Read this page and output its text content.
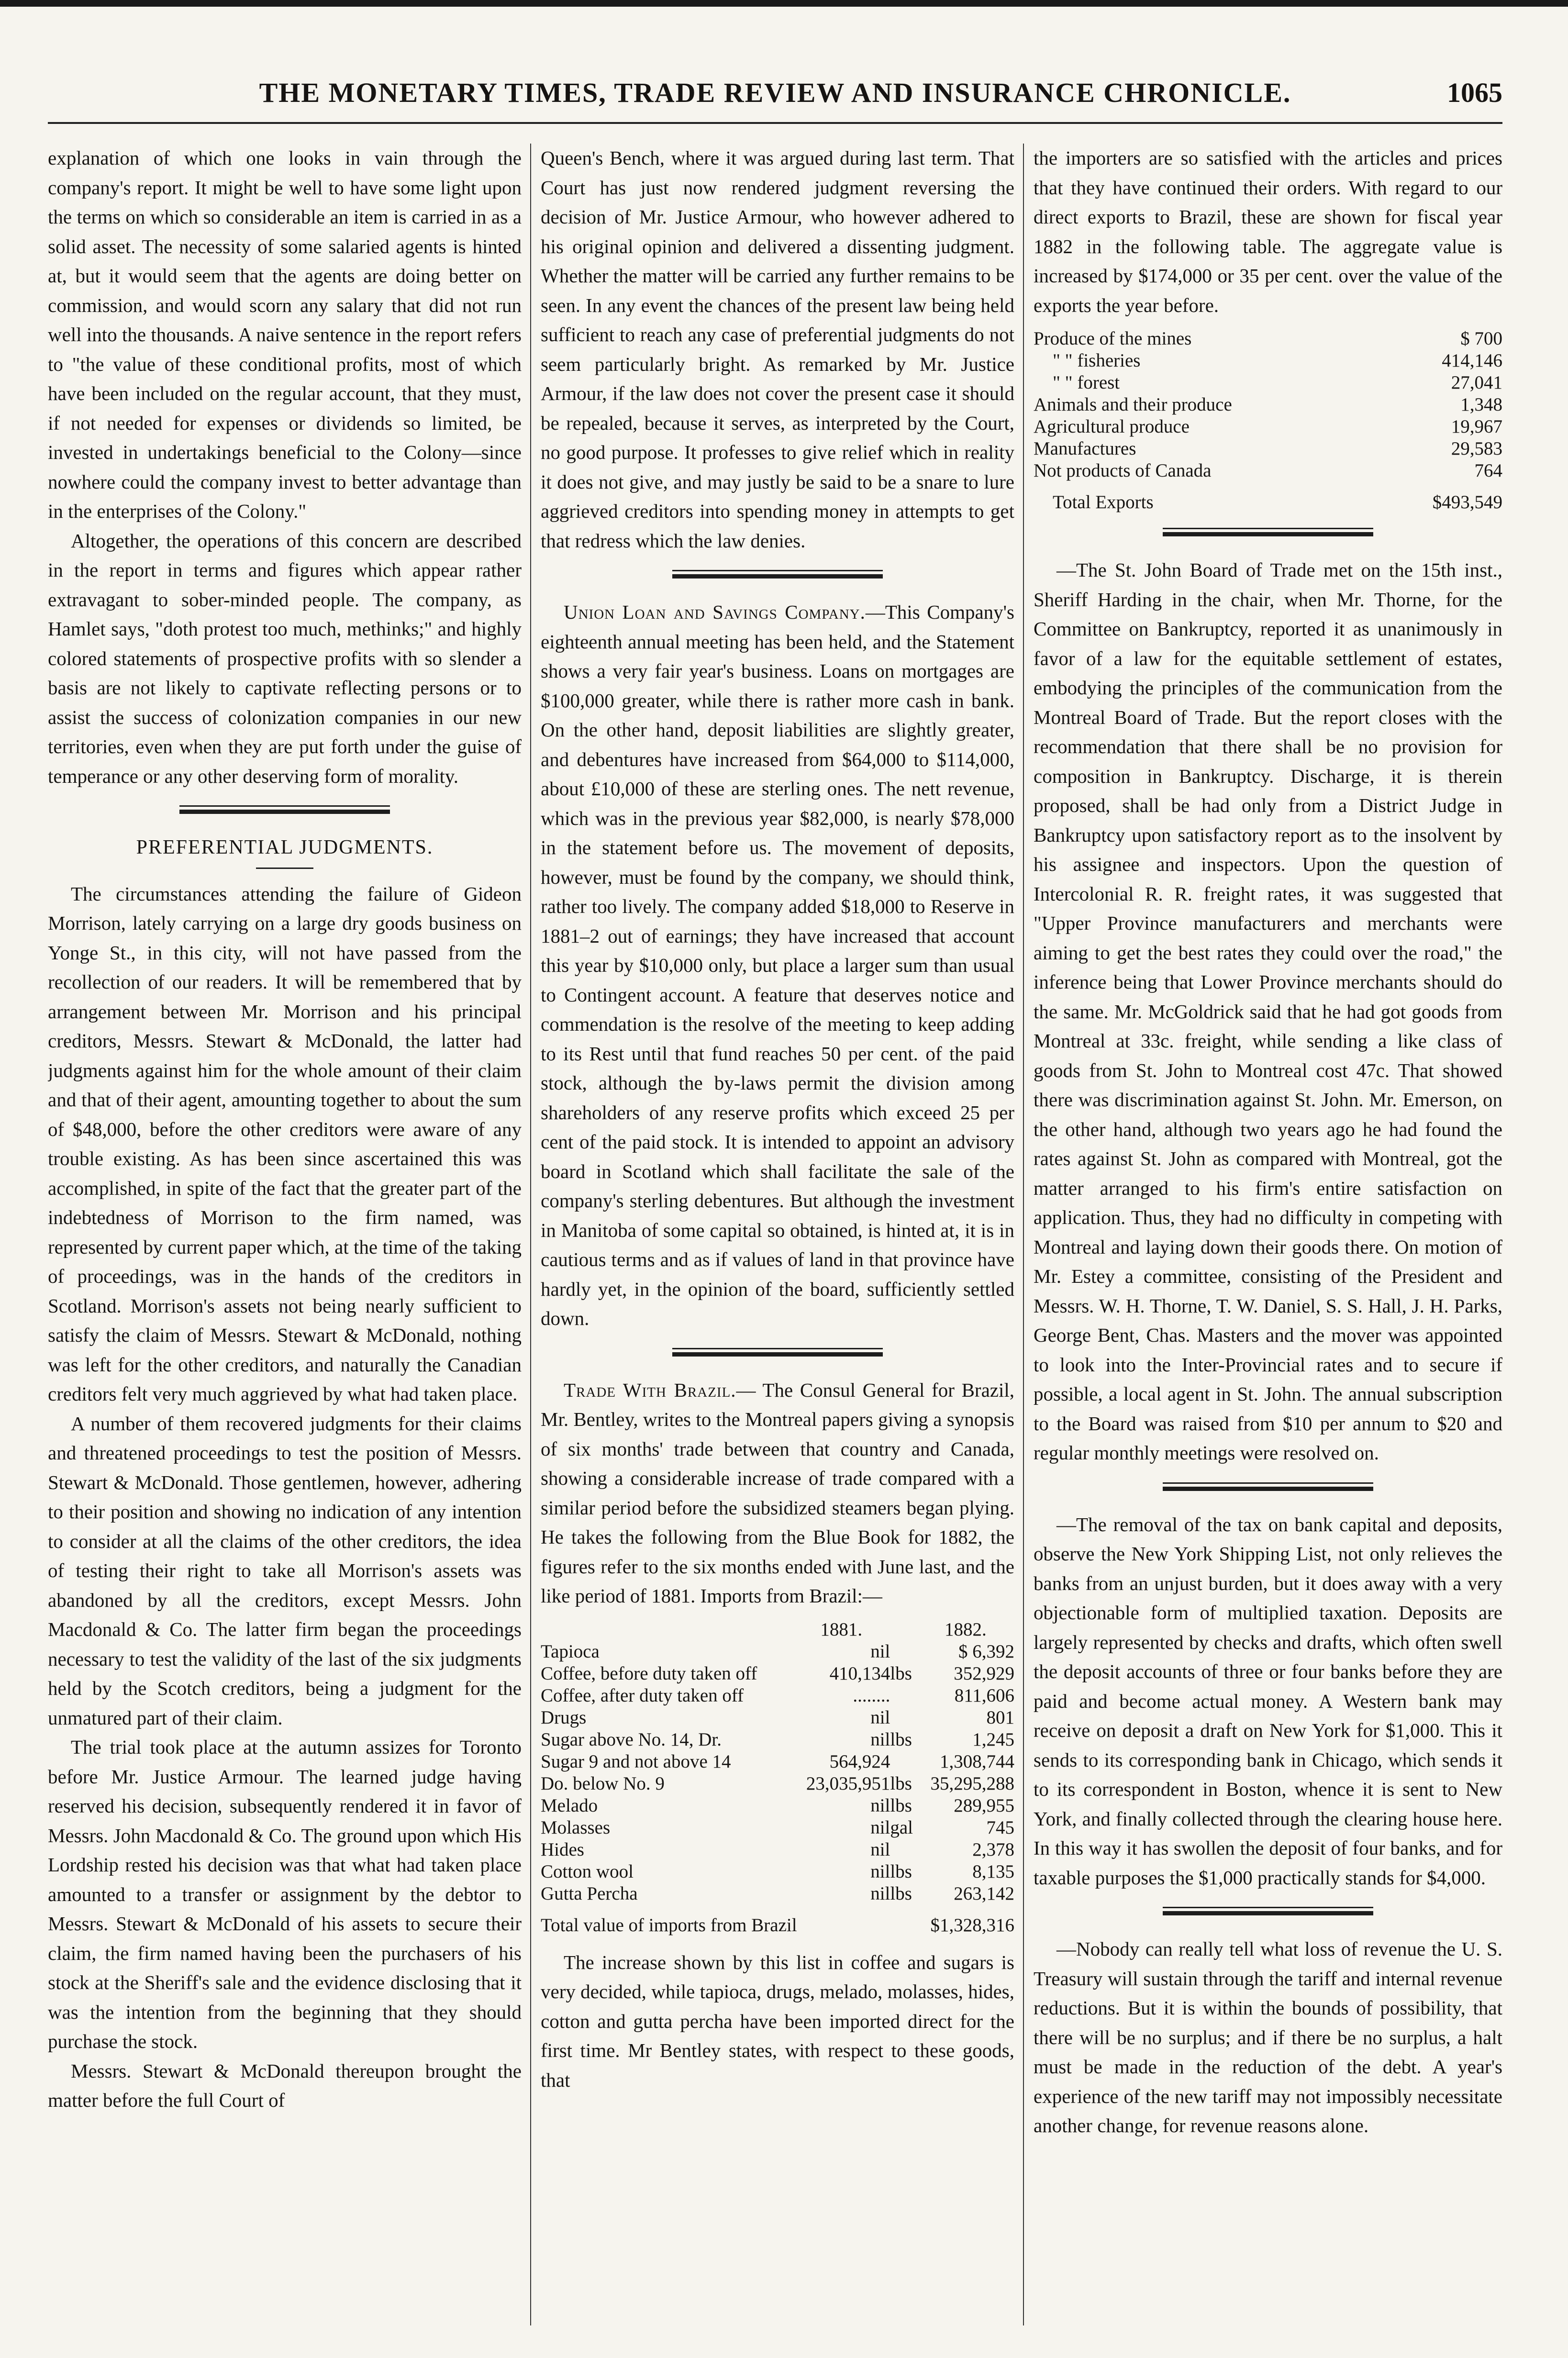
THE MONETARY TIMES, TRADE REVIEW AND INSURANCE CHRONICLE.	1065

explanation of which one looks in vain through the company's report. It might be well to have some light upon the terms on which so considerable an item is carried in as a solid asset. The necessity of some salaried agents is hinted at, but it would seem that the agents are doing better on commission, and would scorn any salary that did not run well into the thousands. A naive sentence in the report refers to "the value of these conditional profits, most of which have been included on the regular account, that they must, if not needed for expenses or dividends so limited, be invested in undertakings beneficial to the Colony—since nowhere could the company invest to better advantage than in the enterprises of the Colony."

Altogether, the operations of this concern are described in the report in terms and figures which appear rather extravagant to sober-minded people. The company, as Hamlet says, "doth protest too much, methinks;" and highly colored statements of prospective profits with so slender a basis are not likely to captivate reflecting persons or to assist the success of colonization companies in our new territories, even when they are put forth under the guise of temperance or any other deserving form of morality.

PREFERENTIAL JUDGMENTS.

The circumstances attending the failure of Gideon Morrison, lately carrying on a large dry goods business on Yonge St., in this city, will not have passed from the recollection of our readers. It will be remembered that by arrangement between Mr. Morrison and his principal creditors, Messrs. Stewart & McDonald, the latter had judgments against him for the whole amount of their claim and that of their agent, amounting together to about the sum of $48,000, before the other creditors were aware of any trouble existing. As has been since ascertained this was accomplished, in spite of the fact that the greater part of the indebtedness of Morrison to the firm named, was represented by current paper which, at the time of the taking of proceedings, was in the hands of the creditors in Scotland. Morrison's assets not being nearly sufficient to satisfy the claim of Messrs. Stewart & McDonald, nothing was left for the other creditors, and naturally the Canadian creditors felt very much aggrieved by what had taken place.

A number of them recovered judgments for their claims and threatened proceedings to test the position of Messrs. Stewart & McDonald. Those gentlemen, however, adhering to their position and showing no indication of any intention to consider at all the claims of the other creditors, the idea of testing their right to take all Morrison's assets was abandoned by all the creditors, except Messrs. John Macdonald & Co. The latter firm began the proceedings necessary to test the validity of the last of the six judgments held by the Scotch creditors, being a judgment for the unmatured part of their claim.

The trial took place at the autumn assizes for Toronto before Mr. Justice Armour. The learned judge having reserved his decision, subsequently rendered it in favor of Messrs. John Macdonald & Co. The ground upon which His Lordship rested his decision was that what had taken place amounted to a transfer or assignment by the debtor to Messrs. Stewart & McDonald of his assets to secure their claim, the firm named having been the purchasers of his stock at the Sheriff's sale and the evidence disclosing that it was the intention from the beginning that they should purchase the stock.

Messrs. Stewart & McDonald thereupon brought the matter before the full Court of

Queen's Bench, where it was argued during last term. That Court has just now rendered judgment reversing the decision of Mr. Justice Armour, who however adhered to his original opinion and delivered a dissenting judgment. Whether the matter will be carried any further remains to be seen. In any event the chances of the present law being held sufficient to reach any case of preferential judgments do not seem particularly bright. As remarked by Mr. Justice Armour, if the law does not cover the present case it should be repealed, because it serves, as interpreted by the Court, no good purpose. It professes to give relief which in reality it does not give, and may justly be said to be a snare to lure aggrieved creditors into spending money in attempts to get that redress which the law denies.

Union Loan and Savings Company.—This Company's eighteenth annual meeting has been held, and the Statement shows a very fair year's business. Loans on mortgages are $100,000 greater, while there is rather more cash in bank. On the other hand, deposit liabilities are slightly greater, and debentures have increased from $64,000 to $114,000, about £10,000 of these are sterling ones. The nett revenue, which was in the previous year $82,000, is nearly $78,000 in the statement before us. The movement of deposits, however, must be found by the company, we should think, rather too lively. The company added $18,000 to Reserve in 1881–2 out of earnings; they have increased that account this year by $10,000 only, but place a larger sum than usual to Contingent account. A feature that deserves notice and commendation is the resolve of the meeting to keep adding to its Rest until that fund reaches 50 per cent. of the paid stock, although the by-laws permit the division among shareholders of any reserve profits which exceed 25 per cent of the paid stock. It is intended to appoint an advisory board in Scotland which shall facilitate the sale of the company's sterling debentures. But although the investment in Manitoba of some capital so obtained, is hinted at, it is in cautious terms and as if values of land in that province have hardly yet, in the opinion of the board, sufficiently settled down.

Trade With Brazil.— The Consul General for Brazil, Mr. Bentley, writes to the Montreal papers giving a synopsis of six months' trade between that country and Canada, showing a considerable increase of trade compared with a similar period before the subsidized steamers began plying. He takes the following from the Blue Book for 1882, the figures refer to the six months ended with June last, and the like period of 1881. Imports from Brazil:—

	1881.		1882.
Tapioca	nil		$ 6,392
Coffee, before duty taken off	410,134	lbs	352,929
Coffee, after duty taken off	........		811,606
Drugs	nil		801
Sugar above No. 14, Dr.	nil	lbs	1,245
Sugar 9 and not above 14	564,924		1,308,744
Do. below No. 9	23,035,951	lbs	35,295,288
Melado	nil	lbs	289,955
Molasses	nil	gal	745
Hides	nil		2,378
Cotton wool	nil	lbs	8,135
Gutta Percha	nil	lbs	263,142
Total value of imports from Brazil			$1,328,316

The increase shown by this list in coffee and sugars is very decided, while tapioca, drugs, melado, molasses, hides, cotton and gutta percha have been imported direct for the first time. Mr Bentley states, with respect to these goods, that

the importers are so satisfied with the articles and prices that they have continued their orders. With regard to our direct exports to Brazil, these are shown for fiscal year 1882 in the following table. The aggregate value is increased by $174,000 or 35 per cent. over the value of the exports the year before.

Produce of the mines	$ 700
" " fisheries	414,146
" " forest	27,041
Animals and their produce	1,348
Agricultural produce	19,967
Manufactures	29,583
Not products of Canada	764
Total Exports	$493,549

—The St. John Board of Trade met on the 15th inst., Sheriff Harding in the chair, when Mr. Thorne, for the Committee on Bankruptcy, reported it as unanimously in favor of a law for the equitable settlement of estates, embodying the principles of the communication from the Montreal Board of Trade. But the report closes with the recommendation that there shall be no provision for composition in Bankruptcy. Discharge, it is therein proposed, shall be had only from a District Judge in Bankruptcy upon satisfactory report as to the insolvent by his assignee and inspectors. Upon the question of Intercolonial R. R. freight rates, it was suggested that "Upper Province manufacturers and merchants were aiming to get the best rates they could over the road," the inference being that Lower Province merchants should do the same. Mr. McGoldrick said that he had got goods from Montreal at 33c. freight, while sending a like class of goods from St. John to Montreal cost 47c. That showed there was discrimination against St. John. Mr. Emerson, on the other hand, although two years ago he had found the rates against St. John as compared with Montreal, got the matter arranged to his firm's entire satisfaction on application. Thus, they had no difficulty in competing with Montreal and laying down their goods there. On motion of Mr. Estey a committee, consisting of the President and Messrs. W. H. Thorne, T. W. Daniel, S. S. Hall, J. H. Parks, George Bent, Chas. Masters and the mover was appointed to look into the Inter-Provincial rates and to secure if possible, a local agent in St. John. The annual subscription to the Board was raised from $10 per annum to $20 and regular monthly meetings were resolved on.

—The removal of the tax on bank capital and deposits, observe the New York Shipping List, not only relieves the banks from an unjust burden, but it does away with a very objectionable form of multiplied taxation. Deposits are largely represented by checks and drafts, which often swell the deposit accounts of three or four banks before they are paid and become actual money. A Western bank may receive on deposit a draft on New York for $1,000. This it sends to its corresponding bank in Chicago, which sends it to its correspondent in Boston, whence it is sent to New York, and finally collected through the clearing house here. In this way it has swollen the deposit of four banks, and for taxable purposes the $1,000 practically stands for $4,000.

—Nobody can really tell what loss of revenue the U. S. Treasury will sustain through the tariff and internal revenue reductions. But it is within the bounds of possibility, that there will be no surplus; and if there be no surplus, a halt must be made in the reduction of the debt. A year's experience of the new tariff may not impossibly necessitate another change, for revenue reasons alone.
